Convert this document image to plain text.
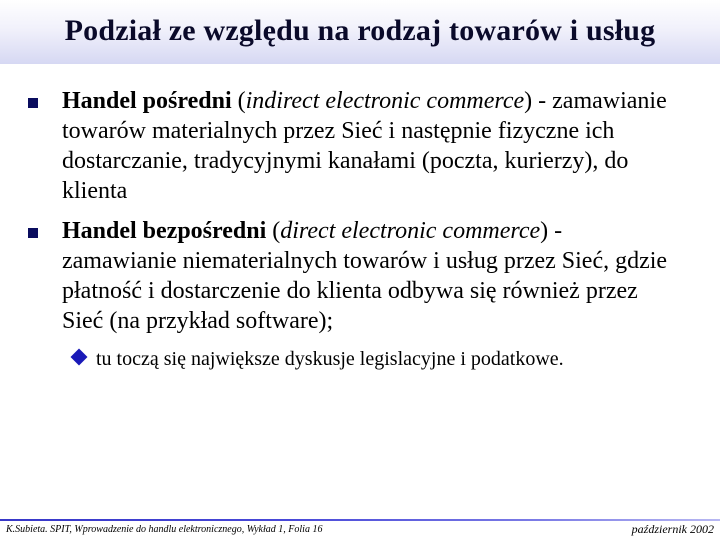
Podział ze względu na rodzaj towarów i usług
Handel pośredni (indirect electronic commerce) - zamawianie towarów materialnych przez Sieć i następnie fizyczne ich dostarczanie, tradycyjnymi kanałami (poczta, kurierzy), do klienta
Handel bezpośredni (direct electronic commerce) - zamawianie niematerialnych towarów i usług przez Sieć, gdzie płatność i dostarczenie do klienta odbywa się również przez Sieć (na przykład software);
tu toczą się największe dyskusje legislacyjne i podatkowe.
K.Subieta. SPIT, Wprowadzenie do handlu elektronicznego, Wykład 1, Folia 16	październik 2002
